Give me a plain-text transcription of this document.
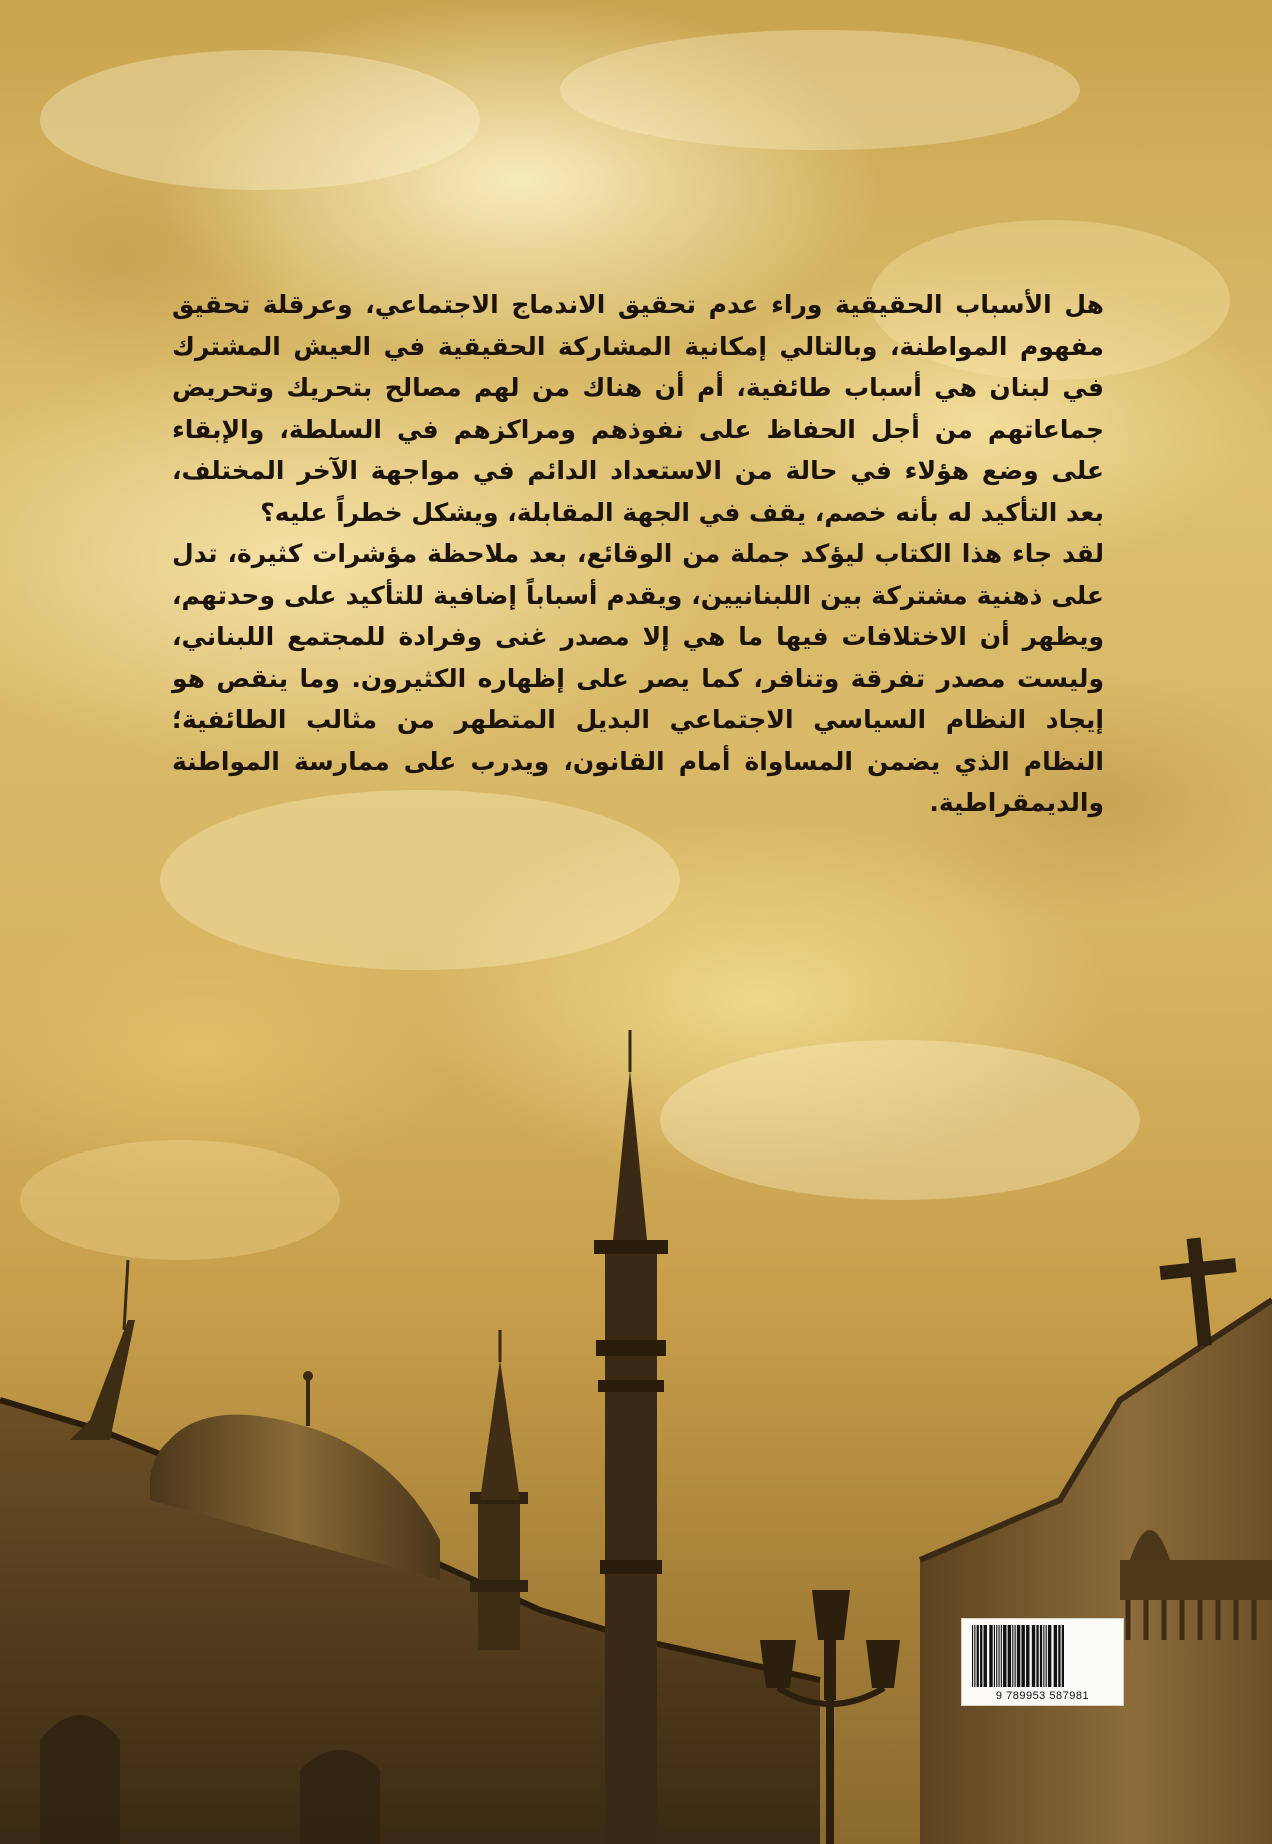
هل الأسباب الحقيقية وراء عدم تحقيق الاندماج الاجتماعي، وعرقلة تحقيق مفهوم المواطنة، وبالتالي إمكانية المشاركة الحقيقية في العيش المشترك في لبنان هي أسباب طائفية، أم أن هناك من لهم مصالح بتحريك وتحريض جماعاتهم من أجل الحفاظ على نفوذهم ومراكزهم في السلطة، والإبقاء على وضع هؤلاء في حالة من الاستعداد الدائم في مواجهة الآخر المختلف، بعد التأكيد له بأنه خصم، يقف في الجهة المقابلة، ويشكل خطراً عليه؟

لقد جاء هذا الكتاب ليؤكد جملة من الوقائع، بعد ملاحظة مؤشرات كثيرة، تدل على ذهنية مشتركة بين اللبنانيين، ويقدم أسباباً إضافية للتأكيد على وحدتهم، ويظهر أن الاختلافات فيها ما هي إلا مصدر غنى وفرادة للمجتمع اللبناني، وليست مصدر تفرقة وتنافر، كما يصر على إظهاره الكثيرون. وما ينقص هو إيجاد النظام السياسي الاجتماعي البديل المتطهر من مثالب الطائفية؛ النظام الذي يضمن المساواة أمام القانون، ويدرب على ممارسة المواطنة والديمقراطية.

9 789953 587981
